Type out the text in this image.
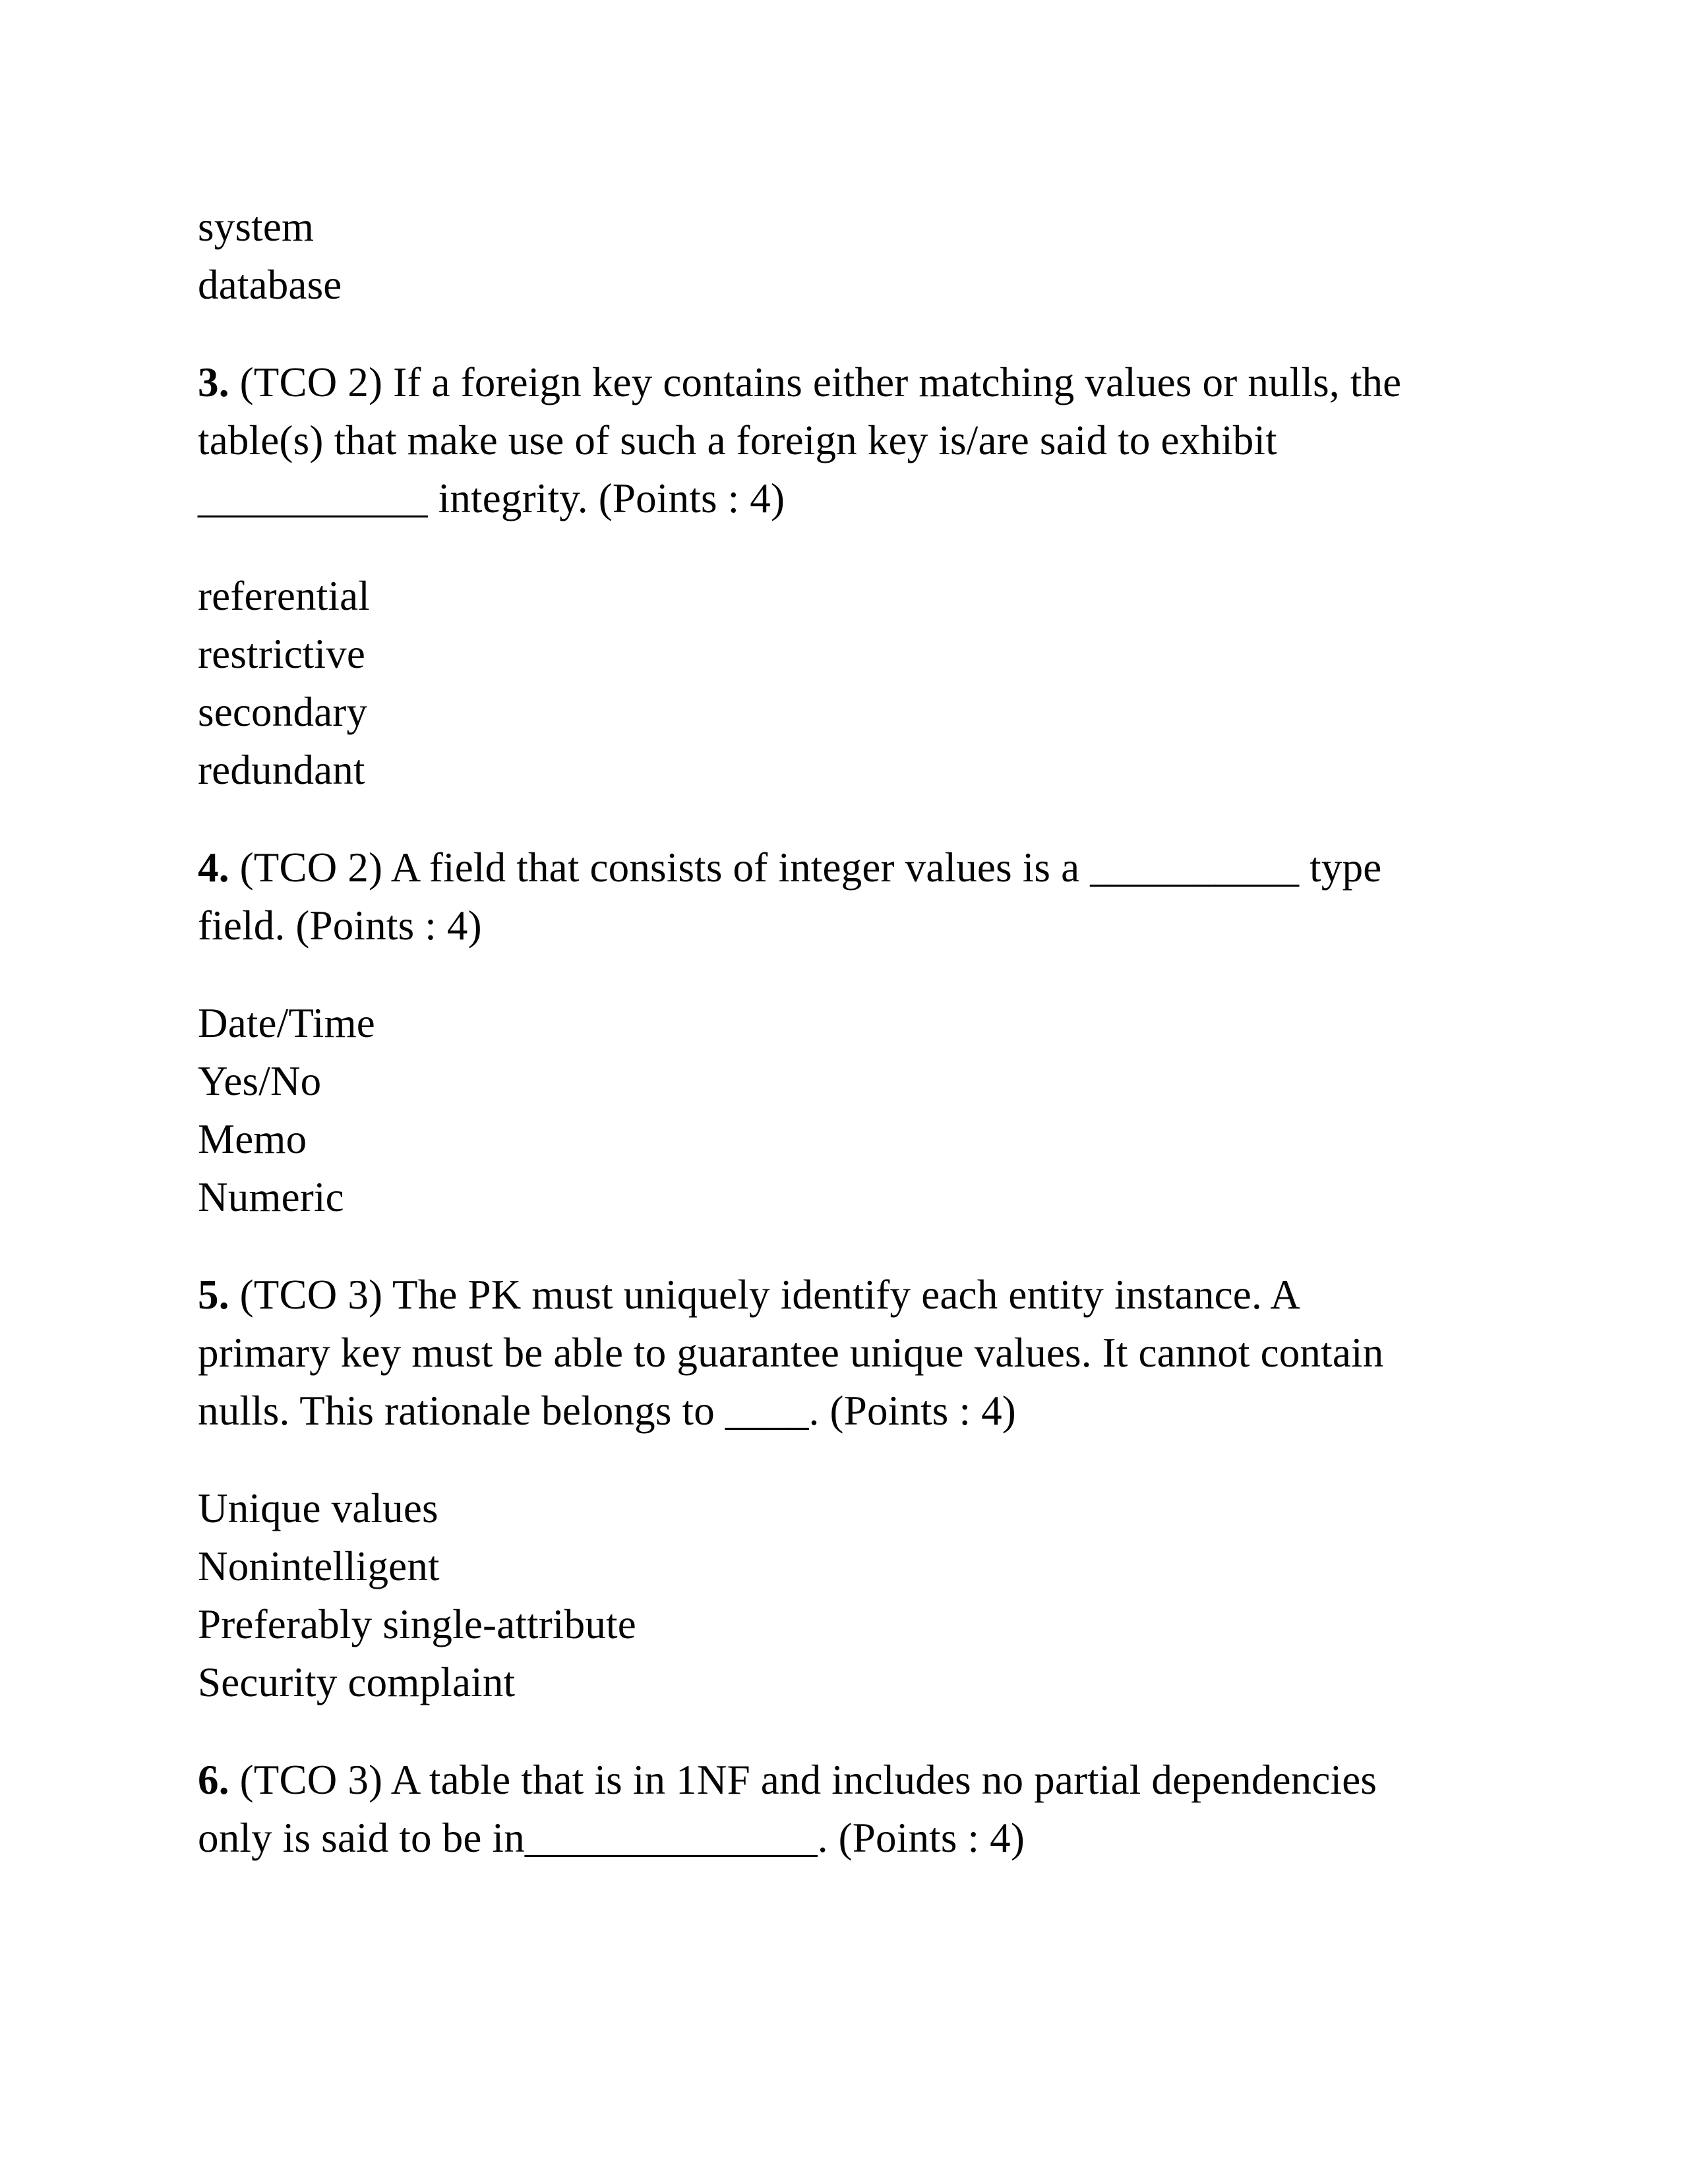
system
database
3. (TCO 2) If a foreign key contains either matching values or nulls, the
table(s) that make use of such a foreign key is/are said to exhibit
___________ integrity. (Points : 4)
referential
restrictive
secondary
redundant
4. (TCO 2) A field that consists of integer values is a __________ type
field. (Points : 4)
Date/Time
Yes/No
Memo
Numeric
5. (TCO 3) The PK must uniquely identify each entity instance. A
primary key must be able to guarantee unique values. It cannot contain
nulls. This rationale belongs to ____. (Points : 4)
Unique values
Nonintelligent
Preferably single-attribute
Security complaint
6. (TCO 3) A table that is in 1NF and includes no partial dependencies
only is said to be in______________. (Points : 4)
